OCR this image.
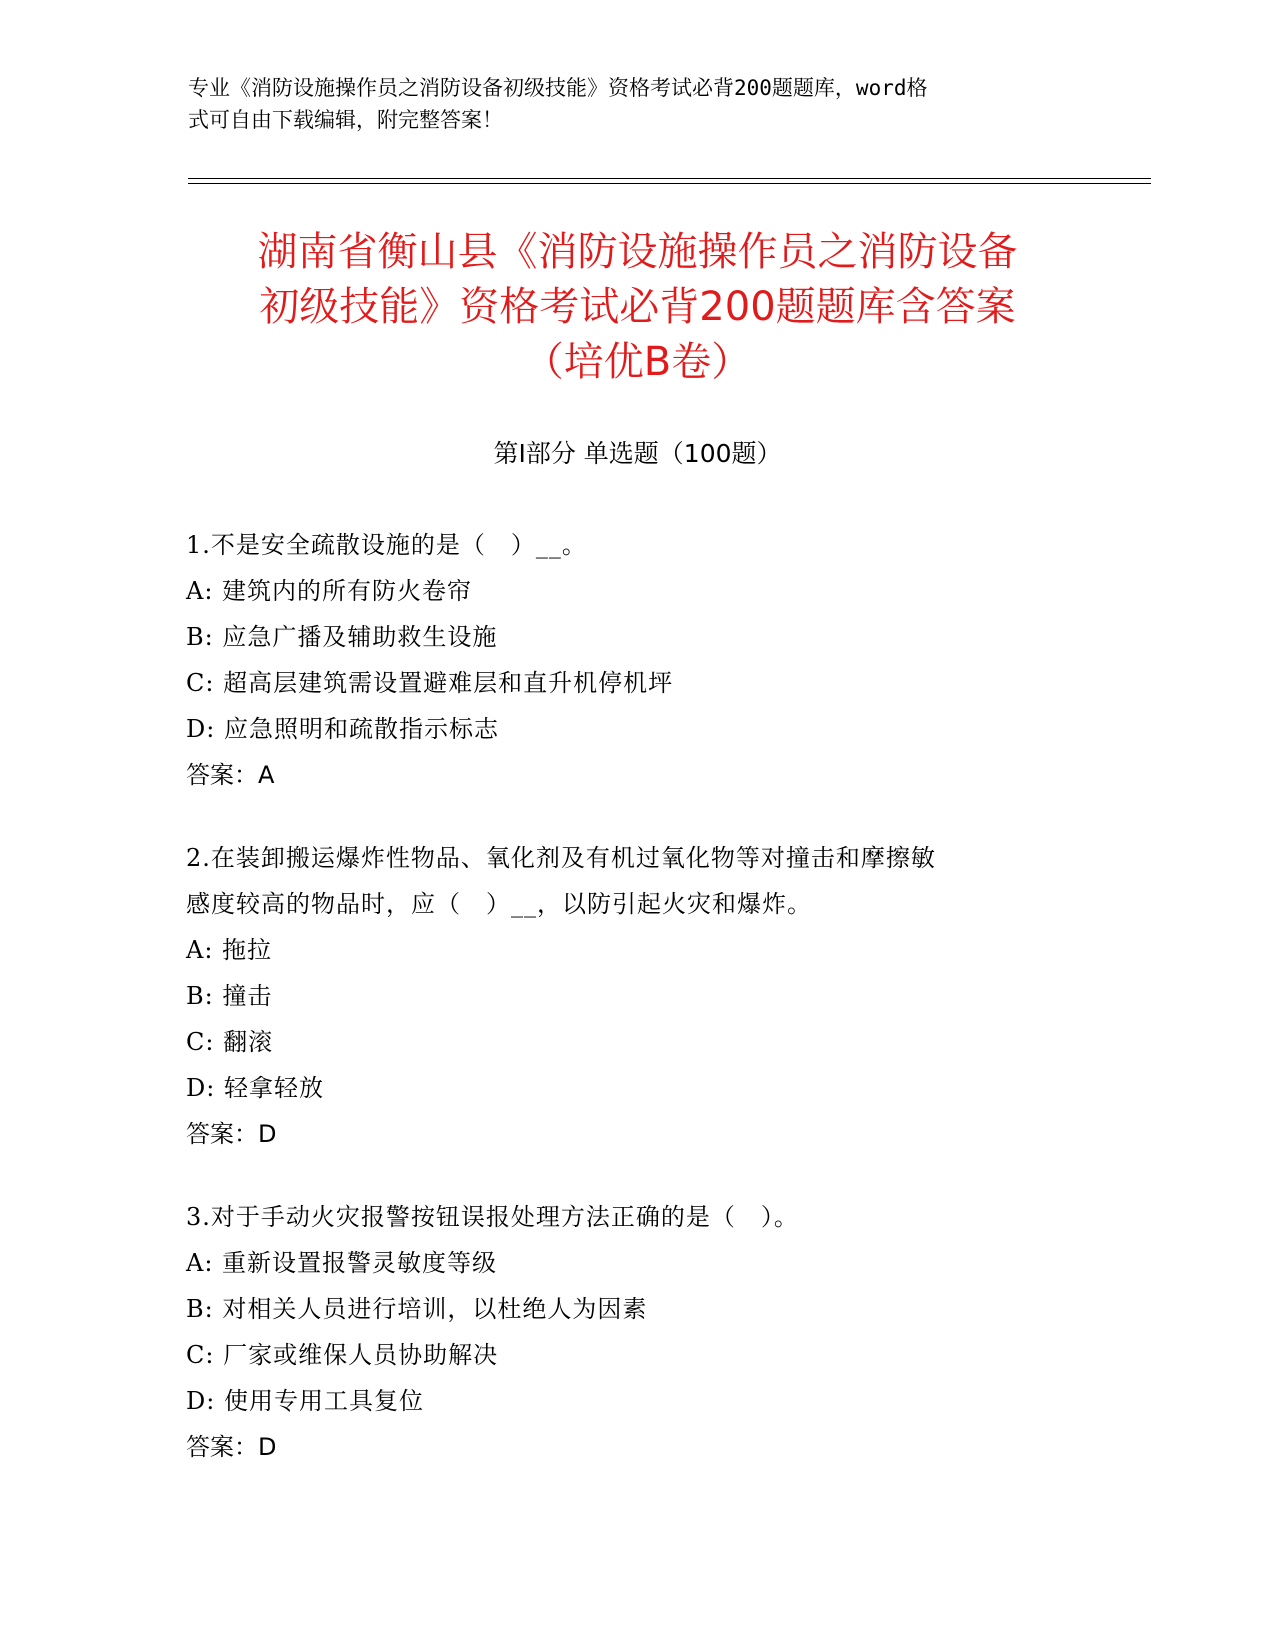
专业《消防设施操作员之消防设备初级技能》资格考试必背200题题库，word格
式可自由下载编辑，附完整答案！
湖南省衡山县《消防设施操作员之消防设备
初级技能》资格考试必背200题题库含答案
（培优B卷）
第Ⅰ部分 单选题（100题）
1.不是安全疏散设施的是（　）__。
A: 建筑内的所有防火卷帘
B: 应急广播及辅助救生设施
C: 超高层建筑需设置避难层和直升机停机坪
D: 应急照明和疏散指示标志
答案：A
2.在装卸搬运爆炸性物品、氧化剂及有机过氧化物等对撞击和摩擦敏
感度较高的物品时，应（　）__，以防引起火灾和爆炸。
A: 拖拉
B: 撞击
C: 翻滚
D: 轻拿轻放
答案：D
3.对于手动火灾报警按钮误报处理方法正确的是（　）。
A: 重新设置报警灵敏度等级
B: 对相关人员进行培训，以杜绝人为因素
C: 厂家或维保人员协助解决
D: 使用专用工具复位
答案：D
